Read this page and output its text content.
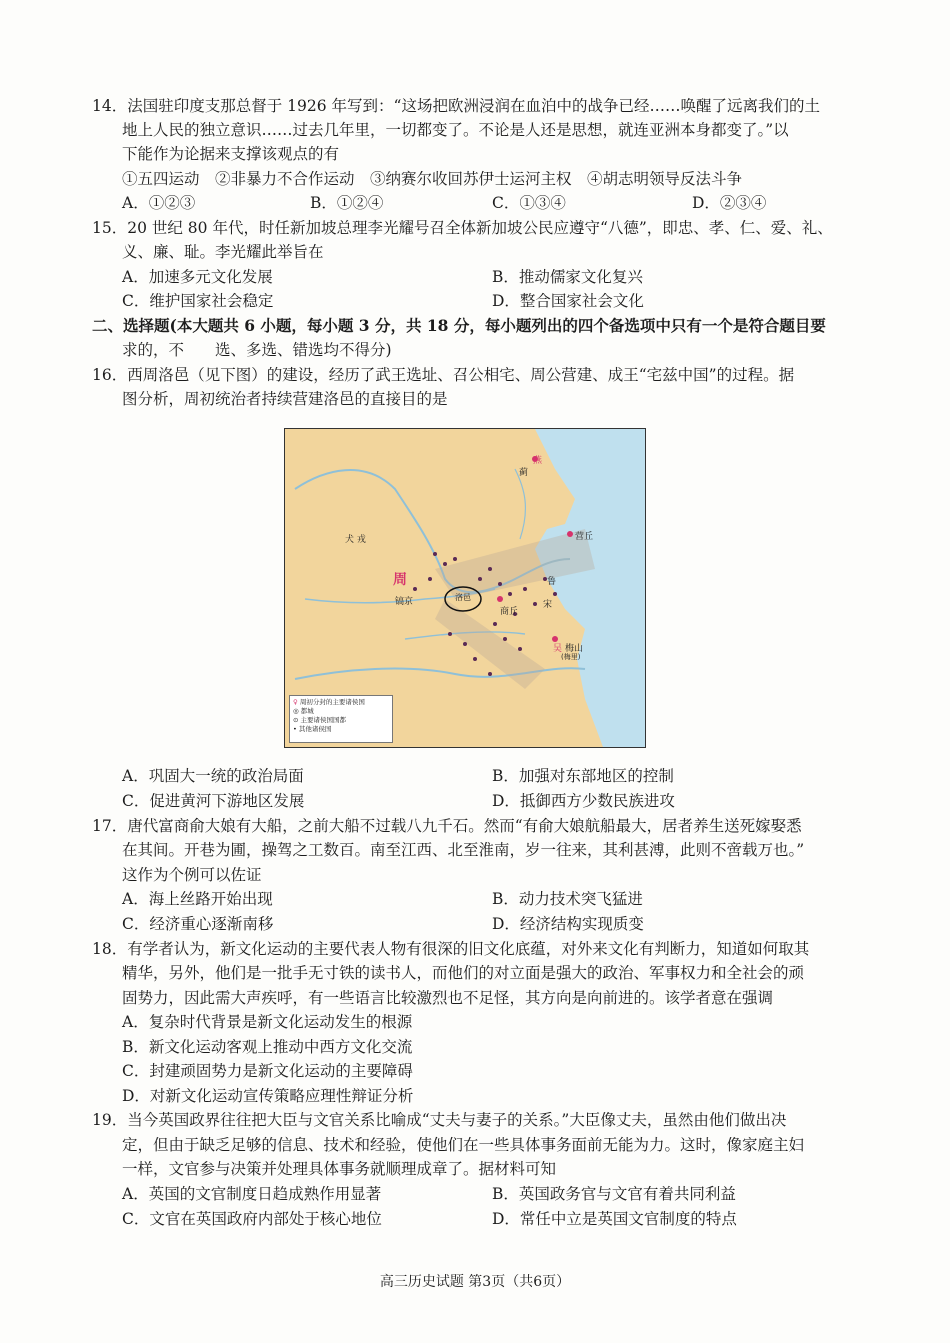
14．法国驻印度支那总督于 1926 年写到：“这场把欧洲浸润在血泊中的战争已经……唤醒了远离我们的土
地上人民的独立意识……过去几年里，一切都变了。不论是人还是思想，就连亚洲本身都变了。”以
下能作为论据来支撑该观点的有
①五四运动　②非暴力不合作运动　③纳赛尔收回苏伊士运河主权　④胡志明领导反法斗争
A．①②③	B．①②④	C．①③④	D．②③④
15．20 世纪 80 年代，时任新加坡总理李光耀号召全体新加坡公民应遵守“八德”，即忠、孝、仁、爱、礼、
义、廉、耻。李光耀此举旨在
A．加速多元文化发展	B．推动儒家文化复兴
C．维护国家社会稳定	D．整合国家社会文化
二、选择题(本大题共 6 小题，每小题 3 分，共 18 分，每小题列出的四个备选项中只有一个是符合题目要
求的，不　　选、多选、错选均不得分)
16．西周洛邑（见下图）的建设，经历了武王选址、召公相宅、周公营建、成王“宅兹中国”的过程。据
图分析，周初统治者持续营建洛邑的直接目的是
犬 戎
周
镐京	洛邑
营丘
商丘
鲁
宋
燕
蓟
吴 梅山
(梅里)
♀ 周初分封的主要诸侯国
◎ 都城
⊙ 主要诸侯国国都
• 其他诸侯国
A．巩固大一统的政治局面	B．加强对东部地区的控制
C．促进黄河下游地区发展	D．抵御西方少数民族进攻
17．唐代富商俞大娘有大船，之前大船不过载八九千石。然而“有俞大娘航船最大，居者养生送死嫁娶悉
在其间。开巷为圃，操驾之工数百。南至江西、北至淮南，岁一往来，其利甚溥，此则不啻载万也。”
这作为个例可以佐证
A．海上丝路开始出现	B．动力技术突飞猛进
C．经济重心逐渐南移	D．经济结构实现质变
18．有学者认为，新文化运动的主要代表人物有很深的旧文化底蕴，对外来文化有判断力，知道如何取其
精华，另外，他们是一批手无寸铁的读书人，而他们的对立面是强大的政治、军事权力和全社会的顽
固势力，因此需大声疾呼，有一些语言比较激烈也不足怪，其方向是向前进的。该学者意在强调
A．复杂时代背景是新文化运动发生的根源
B．新文化运动客观上推动中西方文化交流
C．封建顽固势力是新文化运动的主要障碍
D．对新文化运动宣传策略应理性辩证分析
19．当今英国政界往往把大臣与文官关系比喻成“丈夫与妻子的关系。”大臣像丈夫，虽然由他们做出决
定，但由于缺乏足够的信息、技术和经验，使他们在一些具体事务面前无能为力。这时，像家庭主妇
一样，文官参与决策并处理具体事务就顺理成章了。据材料可知
A．英国的文官制度日趋成熟作用显著	B．英国政务官与文官有着共同利益
C．文官在英国政府内部处于核心地位	D．常任中立是英国文官制度的特点
高三历史试题 第3页（共6页）
